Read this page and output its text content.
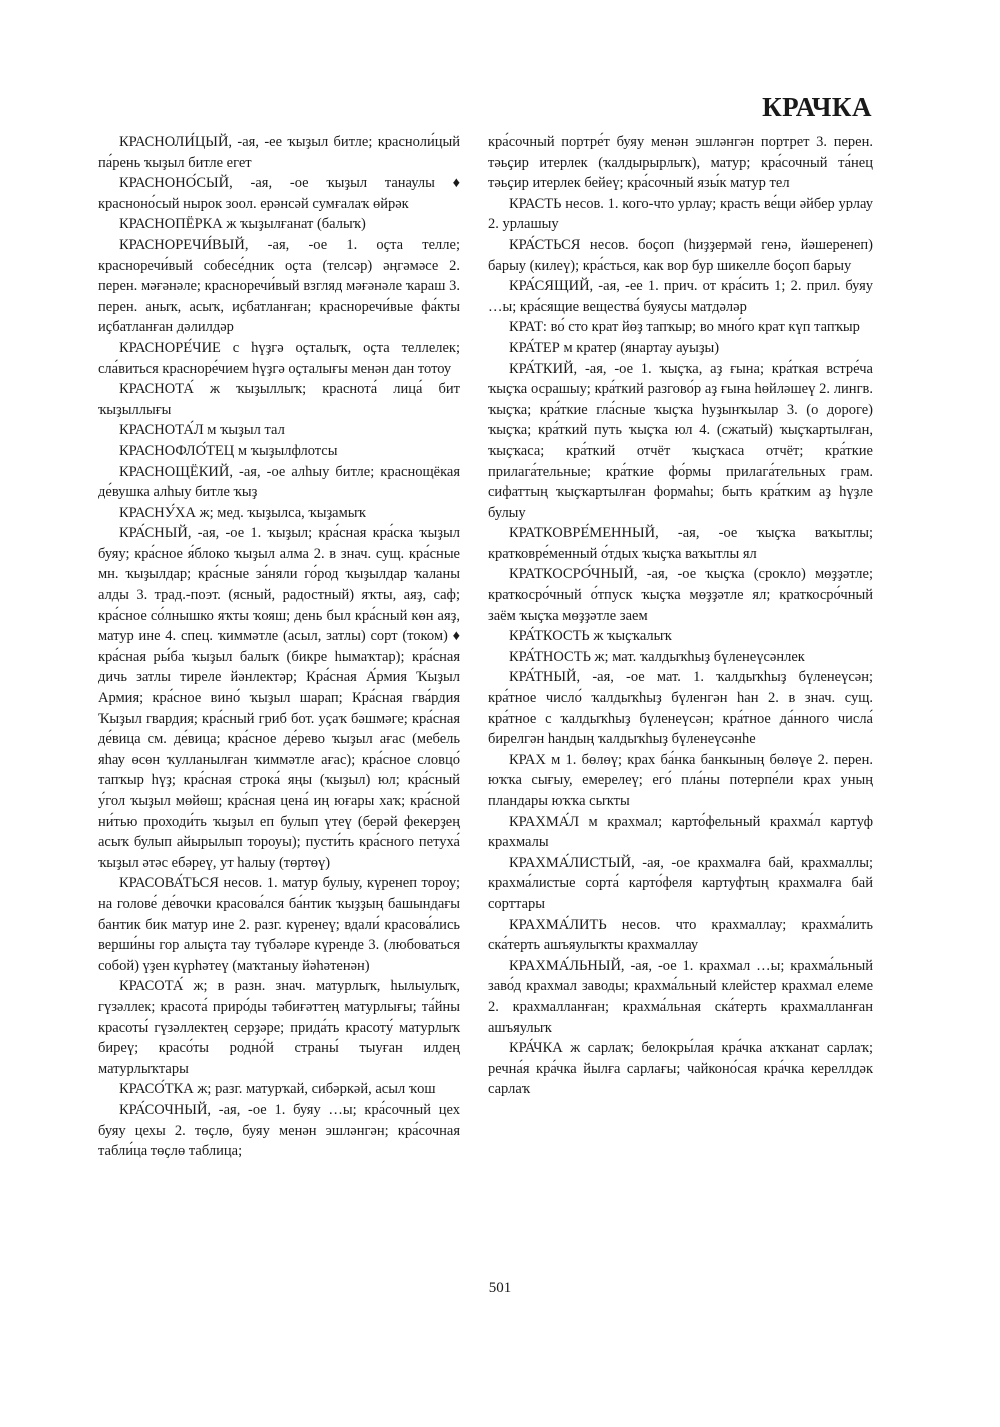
КРАЧКА

КРАСНОЛИ́ЦЫЙ, -ая, -ее ҡыҙыл битле; красноли́цый па́рень ҡыҙыл битле егет

КРАСНОНО́СЫЙ, -ая, -ое ҡыҙыл танаулы ♦ красноно́сый нырок зоол. ерәнсәй сумғалаҡ өйрәк

КРАСНОПЁРКА ж ҡыҙылғанат (балыҡ)

КРАСНОРЕЧИ́ВЫЙ, -ая, -ое 1. оҫта телле; красноречи́вый собесе́дник оҫта (телсәр) әңгәмәсе 2. перен. мәғәнәле; красноречи́вый взгляд мәғәнәле ҡараш 3. перен. аныҡ, асыҡ, иҫбатланған; красноречи́вые фа́кты иҫбатланған дәлилдәр

КРАСНОРЕ́ЧИЕ с һүҙгә оҫталыҡ, оҫта теллелек; сла́виться красноре́чием һүҙгә оҫталығы менән дан тотоу

КРАСНОТА́ ж ҡыҙыллыҡ; краснота́ лица́ бит ҡыҙыллығы

КРАСНОТА́Л м ҡыҙыл тал

КРАСНОФЛО́ТЕЦ м ҡыҙылфлотсы

КРАСНОЩЁКИЙ, -ая, -ое алһыу битле; краснощёкая де́вушка алһыу битле ҡыҙ

КРАСНУ́ХА ж; мед. ҡыҙылса, ҡыҙамыҡ

КРА́СНЫЙ, -ая, -ое 1. ҡыҙыл; кра́сная кра́ска ҡыҙыл буяу; кра́сное я́блоко ҡыҙыл алма 2. в знач. сущ. кра́сные мн. ҡыҙылдар; кра́сные за́няли го́род ҡыҙылдар ҡаланы алды 3. трад.-поэт. (ясный, радостный) яҡты, аяҙ, саф; кра́сное со́лнышко яҡты ҡояш; день был кра́сный көн аяҙ, матур ине 4. спец. ҡиммәтле (асыл, затлы) сорт (током) ♦ кра́сная ры́ба ҡыҙыл балыҡ (бикре һымаҡтар); кра́сная дичь затлы тиреле йәнлектәр; Кра́сная А́рмия Ҡыҙыл Армия; кра́сное вино́ ҡыҙыл шарап; Кра́сная гва́рдия Ҡыҙыл гвардия; кра́сный гриб бот. уҫаҡ бәшмәге; кра́сная де́вица см. де́вица; кра́сное де́рево ҡыҙыл ағас (мебель яһау өсөн ҡулланылған ҡиммәтле ағас); кра́сное словцо́ тапҡыр һүҙ; кра́сная строка́ яңы (ҡыҙыл) юл; кра́сный у́гол ҡыҙыл мөйөш; кра́сная цена́ иң юғары хаҡ; кра́сной ни́тью проходи́ть ҡыҙыл еп булып үтеү (берәй фекерҙең асыҡ булып айырылып тороуы); пусти́ть кра́сного петуха́ ҡыҙыл әтәс ебәреү, ут һалыу (төртөү)

КРАСОВА́ТЬСЯ несов. 1. матур булыу, күренеп тороу; на голове́ де́вочки красова́лся ба́нтик ҡыҙҙың башындағы бантик бик матур ине 2. разг. күренеү; вдали́ красова́лись верши́ны гор алыҫта тау түбәләре күренде 3. (любоваться собой) үҙен күрһәтеү (маҡтаныу йәһәтенән)

КРАСОТА́ ж; в разн. знач. матурлыҡ, һылыулыҡ, гүзәллек; красота́ приро́ды тәбиғәттең матурлығы; та́йны красоты́ гүзәллектең серҙәре; прида́ть красоту́ матурлыҡ биреү; красо́ты родно́й страны́ тыуған илдең матурлыҡтары

КРАСО́ТКА ж; разг. матурҡай, сибәркәй, асыл ҡош

КРА́СОЧНЫЙ, -ая, -ое 1. буяу …ы; кра́сочный цех буяу цехы 2. төҫлө, буяу менән эшләнгән; кра́сочная табли́ца төҫлө таблица;

кра́сочный портре́т буяу менән эшләнгән портрет 3. перен. тәьҫир итерлек (ҡалдырырлыҡ), матур; кра́сочный та́нец тәьҫир итерлек бейеү; кра́сочный язы́к матур тел

КРАСТЬ несов. 1. кого-что урлау; красть ве́щи әйбер урлау 2. урлашыу

КРА́СТЬСЯ несов. боҫоп (һиҙҙермәй генә, йәшеренеп) барыу (килеү); кра́сться, как вор бур шикелле боҫоп барыу

КРА́СЯЩИЙ, -ая, -ее 1. прич. от кра́сить 1; 2. прил. буяу …ы; кра́сящие вещества́ буяусы матдәләр

КРАТ: во́ сто крат йөҙ тапҡыр; во мно́го крат күп тапҡыр

КРА́ТЕР м кратер (янартау ауыҙы)

КРА́ТКИЙ, -ая, -ое 1. ҡыҫҡа, аҙ ғына; кра́ткая встре́ча ҡыҫҡа осрашыу; кра́ткий разгово́р аҙ ғына һөйләшеү 2. лингв. ҡыҫҡа; кра́ткие гла́сные ҡыҫҡа һуҙынҡылар 3. (о дороге) ҡыҫҡа; кра́ткий путь ҡыҫҡа юл 4. (сжатый) ҡыҫҡартылған, ҡыҫҡаса; кра́ткий отчёт ҡыҫҡаса отчёт; кра́ткие прилага́тельные; кра́ткие фо́рмы прилага́тельных грам. сифаттың ҡыҫҡартылған формаһы; быть кра́тким аҙ һүҙле булыу

КРАТКОВРЕ́МЕННЫЙ, -ая, -ое ҡыҫҡа ваҡытлы; кратковре́менный о́тдых ҡыҫҡа ваҡытлы ял

КРАТКОСРО́ЧНЫЙ, -ая, -ое ҡыҫҡа (срокло) мөҙҙәтле; краткосро́чный о́тпуск ҡыҫҡа мөҙҙәтле ял; краткосро́чный заём ҡыҫҡа мөҙҙәтле заем

КРА́ТКОСТЬ ж ҡыҫҡалыҡ

КРА́ТНОСТЬ ж; мат. ҡалдыҡһыҙ бүленеүсәнлек

КРА́ТНЫЙ, -ая, -ое мат. 1. ҡалдыҡһыҙ бүленеүсән; кра́тное число́ ҡалдыҡһыҙ бүленгән һан 2. в знач. сущ. кра́тное с ҡалдыҡһыҙ бүленеүсән; кра́тное да́нного числа́ бирелгән һандың ҡалдыҡһыҙ бүленеүсәнһе

КРАХ м 1. бөлөү; крах ба́нка банкының бөлөүе 2. перен. юҡҡа сығыу, емерелеү; его́ пла́ны потерпе́ли крах уның пландары юҡҡа сыҡты

КРАХМА́Л м крахмал; карто́фельный крахма́л картуф крахмалы

КРАХМА́ЛИСТЫЙ, -ая, -ое крахмалға бай, крахмаллы; крахма́листые сорта́ карто́феля картуфтың крахмалға бай сорттары

КРАХМА́ЛИТЬ несов. что крахмаллау; крахма́лить ска́терть ашъяулыҡты крахмаллау

КРАХМА́ЛЬНЫЙ, -ая, -ое 1. крахмал …ы; крахма́льный заво́д крахмал заводы; крахма́льный клейстер крахмал елеме 2. крахмалланған; крахма́льная ска́терть крахмалланған ашъяулыҡ

КРА́ЧКА ж сарлаҡ; белокры́лая кра́чка аҡҡанат сарлаҡ; речна́я кра́чка йылға сарлағы; чайконо́сая кра́чка кереллдәк сарлаҡ

501
